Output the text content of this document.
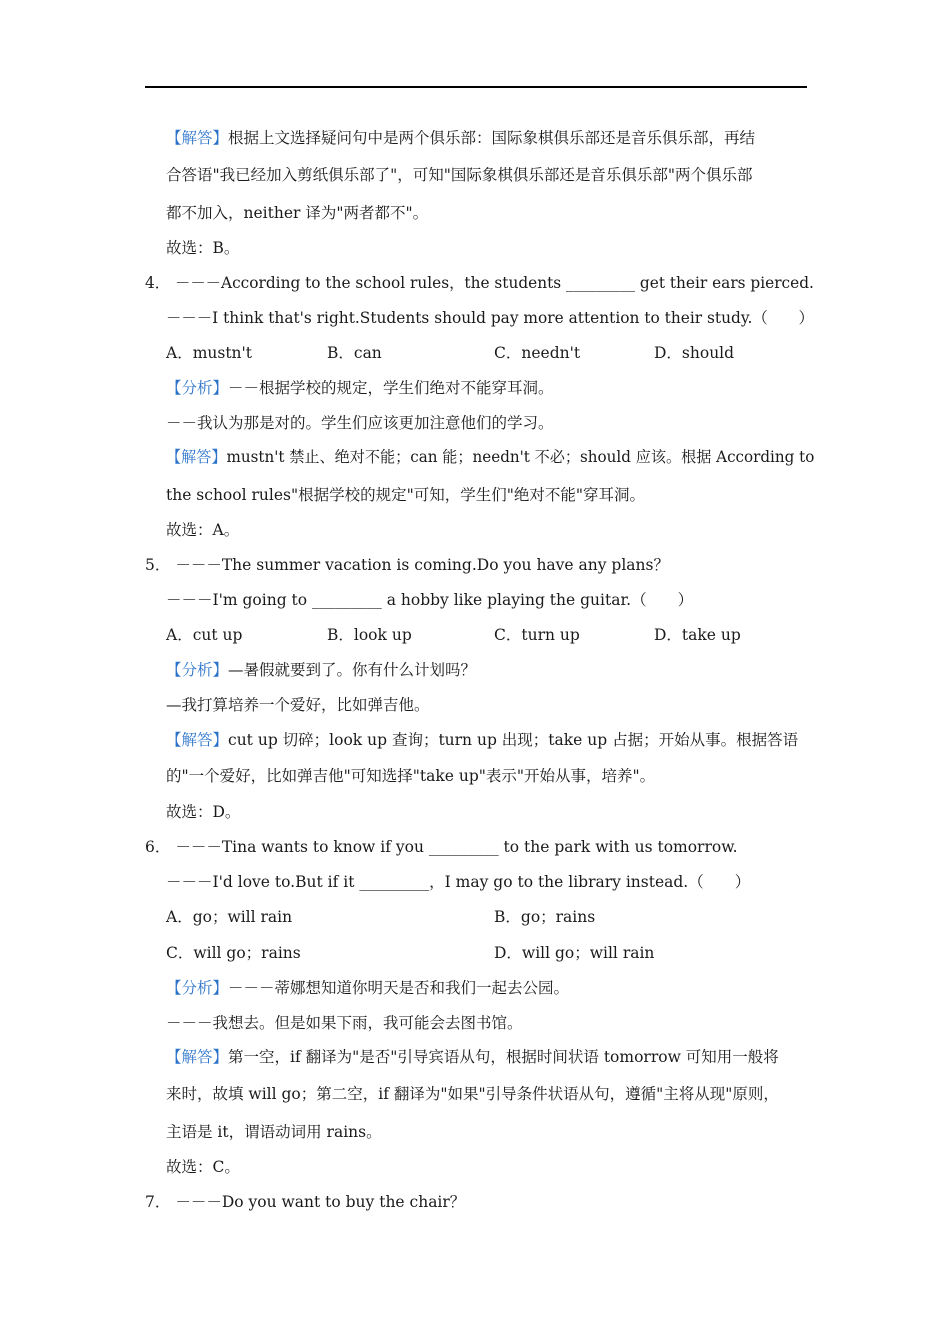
【解答】根据上文选择疑问句中是两个俱乐部：国际象棋俱乐部还是音乐俱乐部，再结
合答语"我已经加入剪纸俱乐部了"，可知"国际象棋俱乐部还是音乐俱乐部"两个俱乐部
都不加入，neither 译为"两者都不"。
故选：B。
4． －－－According to the school rules，the students _________ get their ears pierced.
－－－I think that's right.Students should pay more attention to their study.（　　）
A．mustn't	B．can	C．needn't	D．should
【分析】－－根据学校的规定，学生们绝对不能穿耳洞。
－－我认为那是对的。学生们应该更加注意他们的学习。
【解答】mustn't 禁止、绝对不能；can 能；needn't 不必；should 应该。根据 According to
the school rules"根据学校的规定"可知，学生们"绝对不能"穿耳洞。
故选：A。
5． －－－The summer vacation is coming.Do you have any plans？
－－－I'm going to _________ a hobby like playing the guitar.（　　）
A．cut up	B．look up	C．turn up	D．take up
【分析】—暑假就要到了。你有什么计划吗？
—我打算培养一个爱好，比如弹吉他。
【解答】cut up 切碎；look up 查询；turn up 出现；take up 占据；开始从事。根据答语
的"一个爱好，比如弹吉他"可知选择"take up"表示"开始从事，培养"。
故选：D。
6． －－－Tina wants to know if you _________ to the park with us tomorrow.
－－－I'd love to.But if it _________，I may go to the library instead.（　　）
A．go；will rain	B．go；rains
C．will go；rains	D．will go；will rain
【分析】－－－蒂娜想知道你明天是否和我们一起去公园。
－－－我想去。但是如果下雨，我可能会去图书馆。
【解答】第一空，if 翻译为"是否"引导宾语从句，根据时间状语 tomorrow 可知用一般将
来时，故填 will go；第二空，if 翻译为"如果"引导条件状语从句，遵循"主将从现"原则，
主语是 it，谓语动词用 rains。
故选：C。
7． －－－Do you want to buy the chair？
